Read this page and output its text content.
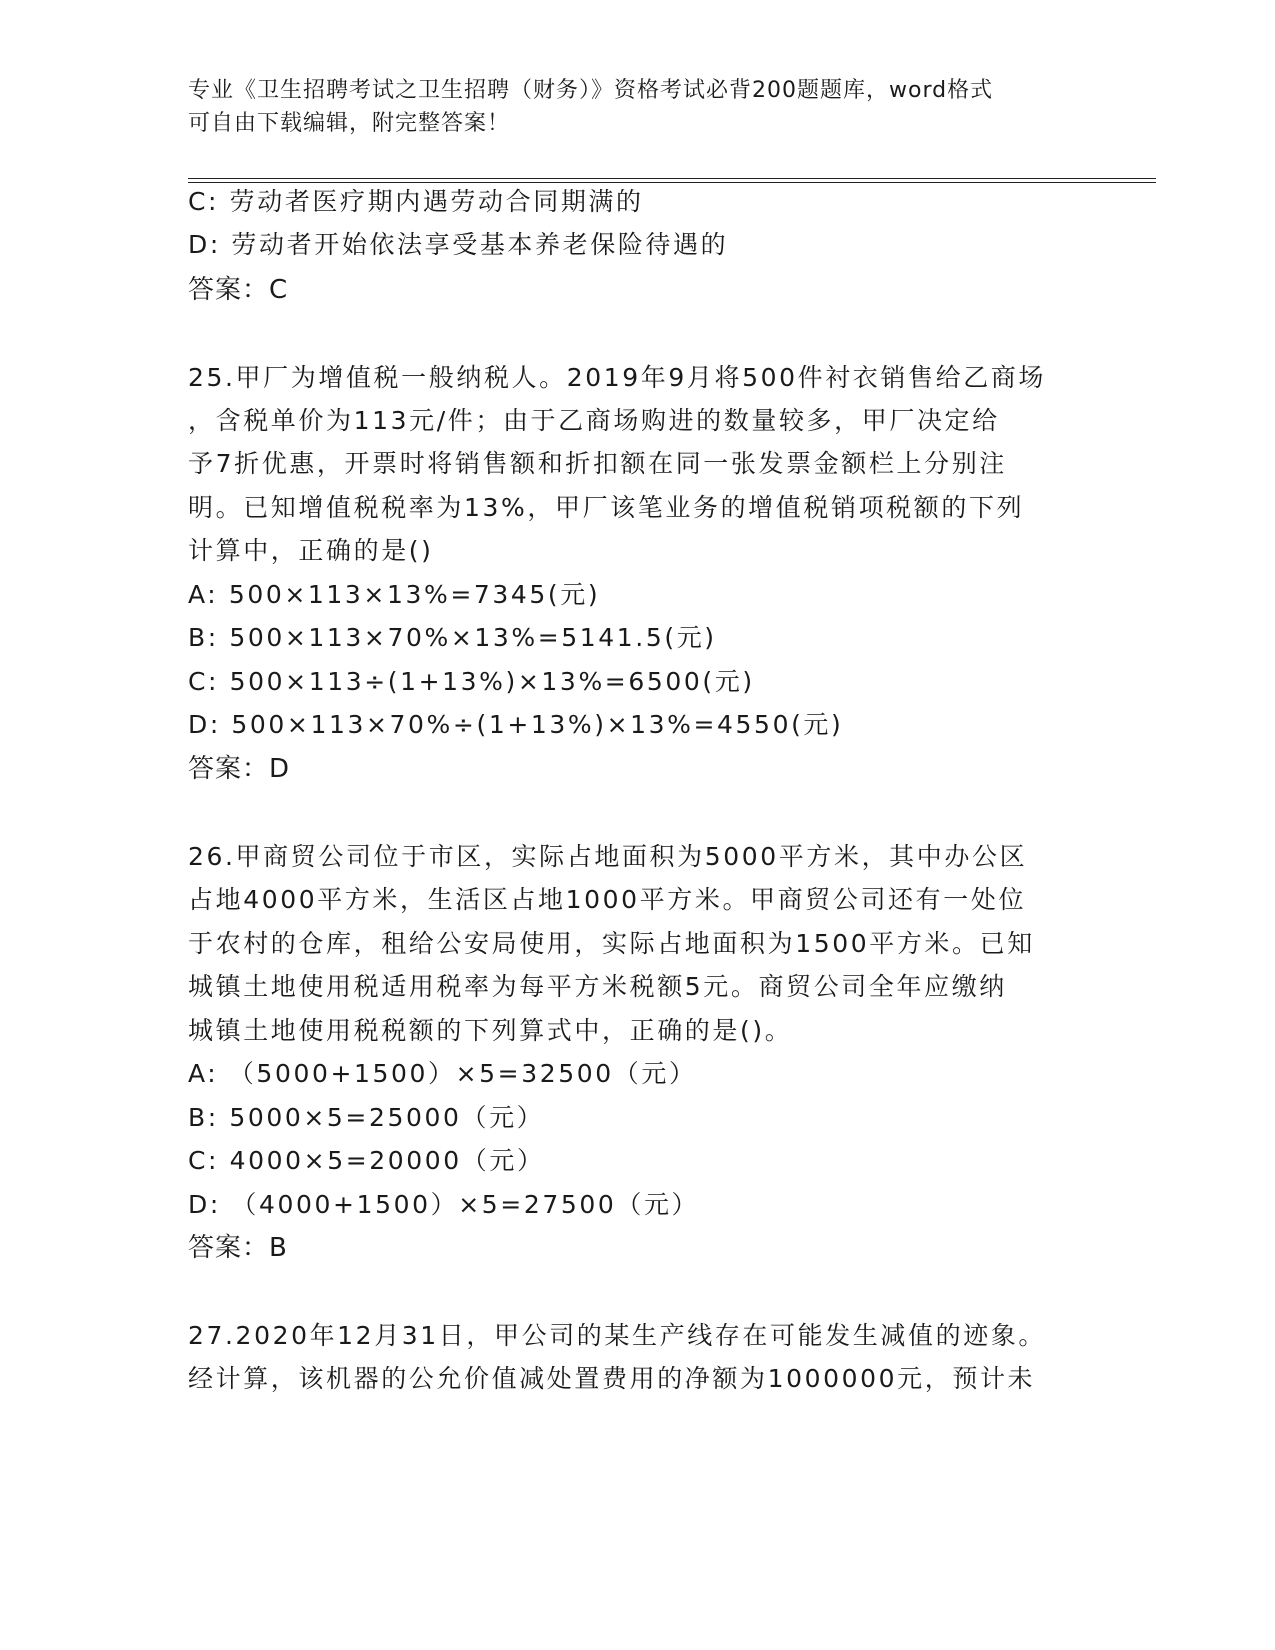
专业《卫生招聘考试之卫生招聘（财务）》资格考试必背200题题库，word格式
可自由下载编辑，附完整答案！
C: 劳动者医疗期内遇劳动合同期满的
D: 劳动者开始依法享受基本养老保险待遇的
答案：C
25.甲厂为增值税一般纳税人。2019年9月将500件衬衣销售给乙商场
，含税单价为113元/件；由于乙商场购进的数量较多，甲厂决定给
予7折优惠，开票时将销售额和折扣额在同一张发票金额栏上分别注
明。已知增值税税率为13%，甲厂该笔业务的增值税销项税额的下列
计算中，正确的是()
A: 500×113×13%=7345(元)
B: 500×113×70%×13%=5141.5(元)
C: 500×113÷(1+13%)×13%=6500(元)
D: 500×113×70%÷(1+13%)×13%=4550(元)
答案：D
26.甲商贸公司位于市区，实际占地面积为5000平方米，其中办公区
占地4000平方米，生活区占地1000平方米。甲商贸公司还有一处位
于农村的仓库，租给公安局使用，实际占地面积为1500平方米。已知
城镇土地使用税适用税率为每平方米税额5元。商贸公司全年应缴纳
城镇土地使用税税额的下列算式中，正确的是()。
A: （5000+1500）×5=32500（元）
B: 5000×5=25000（元）
C: 4000×5=20000（元）
D: （4000+1500）×5=27500（元）
答案：B
27.2020年12月31日，甲公司的某生产线存在可能发生减值的迹象。
经计算，该机器的公允价值减处置费用的净额为1000000元，预计未
